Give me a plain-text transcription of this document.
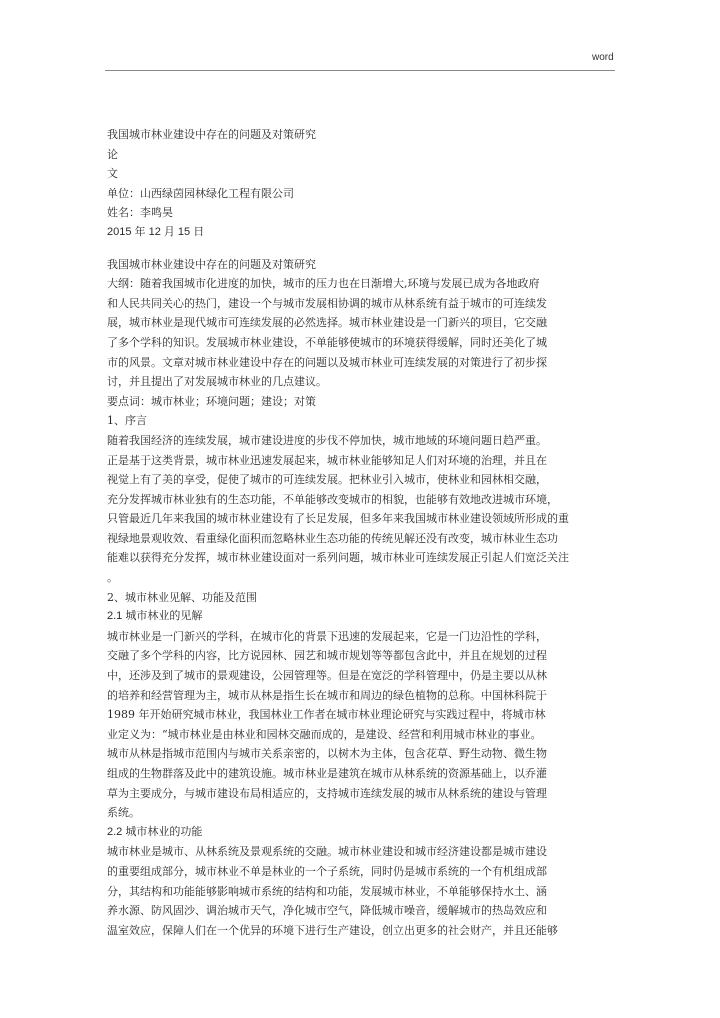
word
我国城市林业建设中存在的问题及对策研究
论
文
单位：山西绿茵园林绿化工程有限公司
姓名：李鸣昊
2015 年 12 月 15 日
我国城市林业建设中存在的问题及对策研究
大纲：随着我国城市化进度的加快，城市的压力也在日渐增大,环境与发展已成为各地政府
和人民共同关心的热门，建设一个与城市发展相协调的城市从林系统有益于城市的可连续发
展，城市林业是现代城市可连续发展的必然选择。城市林业建设是一门新兴的项目，它交融
了多个学科的知识。发展城市林业建设，不单能够使城市的环境获得缓解，同时还美化了城
市的风景。文章对城市林业建设中存在的问题以及城市林业可连续发展的对策进行了初步探
讨，并且提出了对发展城市林业的几点建议。
要点词：城市林业；环境问题；建设；对策
1、序言
随着我国经济的连续发展，城市建设进度的步伐不停加快，城市地域的环境问题日趋严重。
正是基于这类背景，城市林业迅速发展起来，城市林业能够知足人们对环境的治理，并且在
视觉上有了美的享受，促使了城市的可连续发展。把林业引入城市，使林业和园林相交融，
充分发挥城市林业独有的生态功能，不单能够改变城市的相貌，也能够有效地改进城市环境，
只管最近几年来我国的城市林业建设有了长足发展，但多年来我国城市林业建设领域所形成的重
视绿地景观收效、看重绿化面积而忽略林业生态功能的传统见解还没有改变，城市林业生态功
能难以获得充分发挥，城市林业建设面对一系列问题，城市林业可连续发展正引起人们宽泛关注
。
2、城市林业见解、功能及范围
2.1 城市林业的见解
城市林业是一门新兴的学科，在城市化的背景下迅速的发展起来，它是一门边沿性的学科，
交融了多个学科的内容，比方说园林、园艺和城市规划等等都包含此中，并且在规划的过程
中，还涉及到了城市的景观建设，公园管理等。但是在宽泛的学科管理中，仍是主要以从林
的培养和经营管理为主，城市从林是指生长在城市和周边的绿色植物的总称。中国林科院于
1989 年开始研究城市林业，我国林业工作者在城市林业理论研究与实践过程中，将城市林
业定义为：“城市林业是由林业和园林交融而成的，是建设、经营和利用城市林业的事业。
城市从林是指城市范围内与城市关系亲密的，以树木为主体，包含花草、野生动物、微生物
组成的生物群落及此中的建筑设施。城市林业是建筑在城市从林系统的资源基础上，以乔灌
草为主要成分，与城市建设布局相适应的，支持城市连续发展的城市从林系统的建设与管理
系统。
2.2 城市林业的功能
城市林业是城市、从林系统及景观系统的交融。城市林业建设和城市经济建设都是城市建设
的重要组成部分，城市林业不单是林业的一个子系统，同时仍是城市系统的一个有机组成部
分，其结构和功能能够影响城市系统的结构和功能，发展城市林业，不单能够保持水土、涵
养水源、防风固沙、调治城市天气，净化城市空气，降低城市噪音，缓解城市的热岛效应和
温室效应，保障人们在一个优异的环境下进行生产建设，创立出更多的社会财产，并且还能够
